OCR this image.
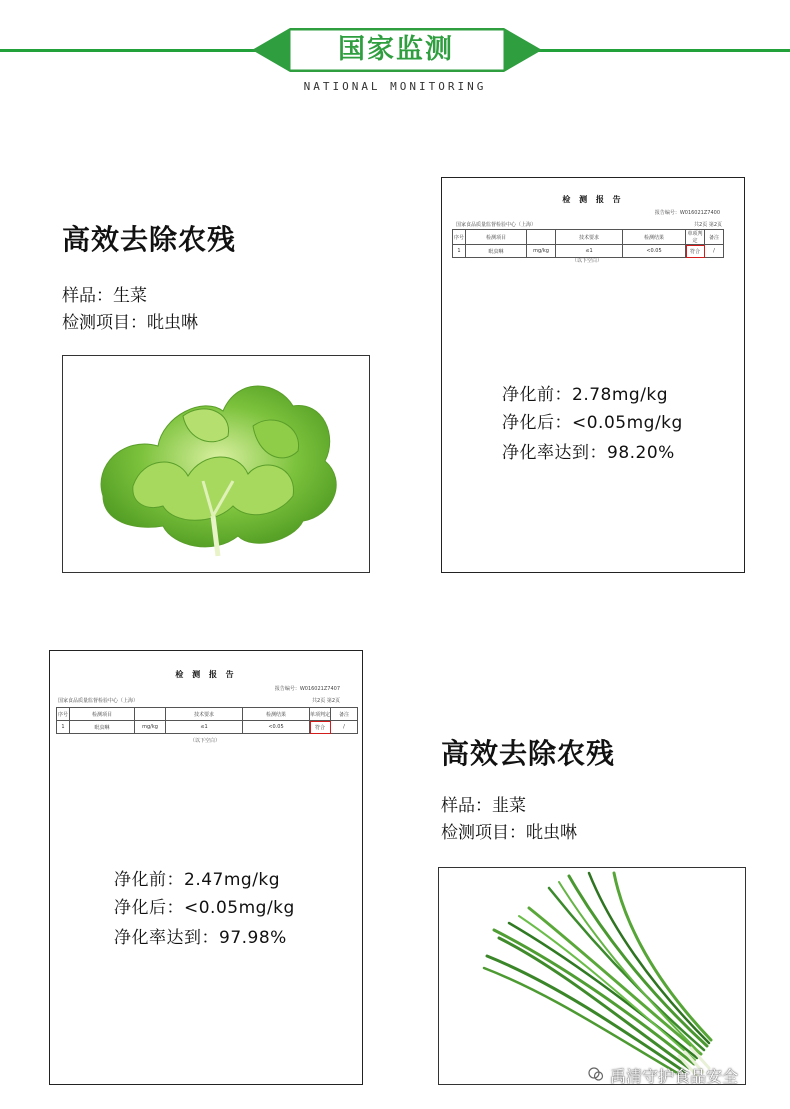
国家监测
NATIONAL MONITORING
高效去除农残
样品：生菜
检测项目：吡虫啉
检 测 报 告
报告编号：W016021Z7400
国家食品质量监督检验中心（上海）	共2页 第2页
序号	检测项目		技术要求	检测结果	单项判定	备注
1	吡虫啉	mg/kg	≤1	<0.05	符合	/
（以下空白）
净化前：2.78mg/kg
净化后：<0.05mg/kg
净化率达到：98.20%
检 测 报 告
报告编号：W016021Z7407
国家食品质量监督检验中心（上海）	共2页 第2页
序号	检测项目		技术要求	检测结果	单项判定	备注
1	吡虫啉	mg/kg	≤1	<0.05	符合	/
（以下空白）
净化前：2.47mg/kg
净化后：<0.05mg/kg
净化率达到：97.98%
高效去除农残
样品：韭菜
检测项目：吡虫啉
禹清守护食品安全
